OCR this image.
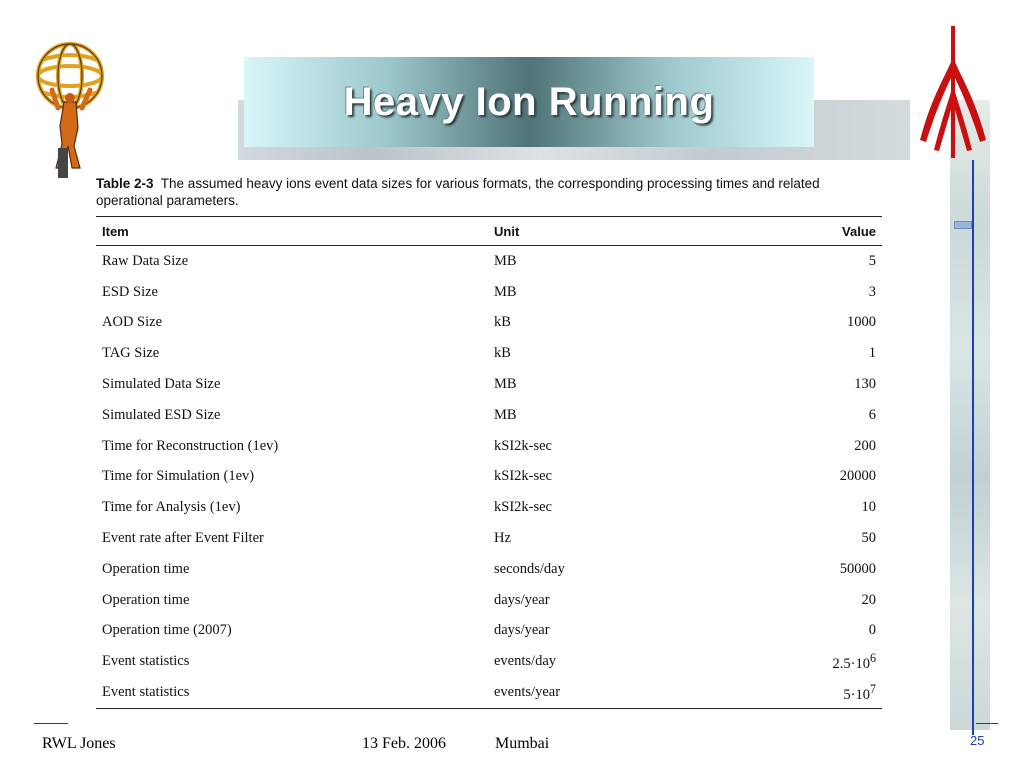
Heavy Ion Running
Table 2-3 The assumed heavy ions event data sizes for various formats, the corresponding processing times and related operational parameters.
Item	Unit	Value
Raw Data Size	MB	5
ESD Size	MB	3
AOD Size	kB	1000
TAG Size	kB	1
Simulated Data Size	MB	130
Simulated ESD Size	MB	6
Time for Reconstruction (1ev)	kSI2k-sec	200
Time for Simulation (1ev)	kSI2k-sec	20000
Time for Analysis (1ev)	kSI2k-sec	10
Event rate after Event Filter	Hz	50
Operation time	seconds/day	50000
Operation time	days/year	20
Operation time (2007)	days/year	0
Event statistics	events/day	$2.5\cdot 10^6$
Event statistics	events/year	$5\cdot 10^7$
RWL Jones	13 Feb. 2006	Mumbai	25
